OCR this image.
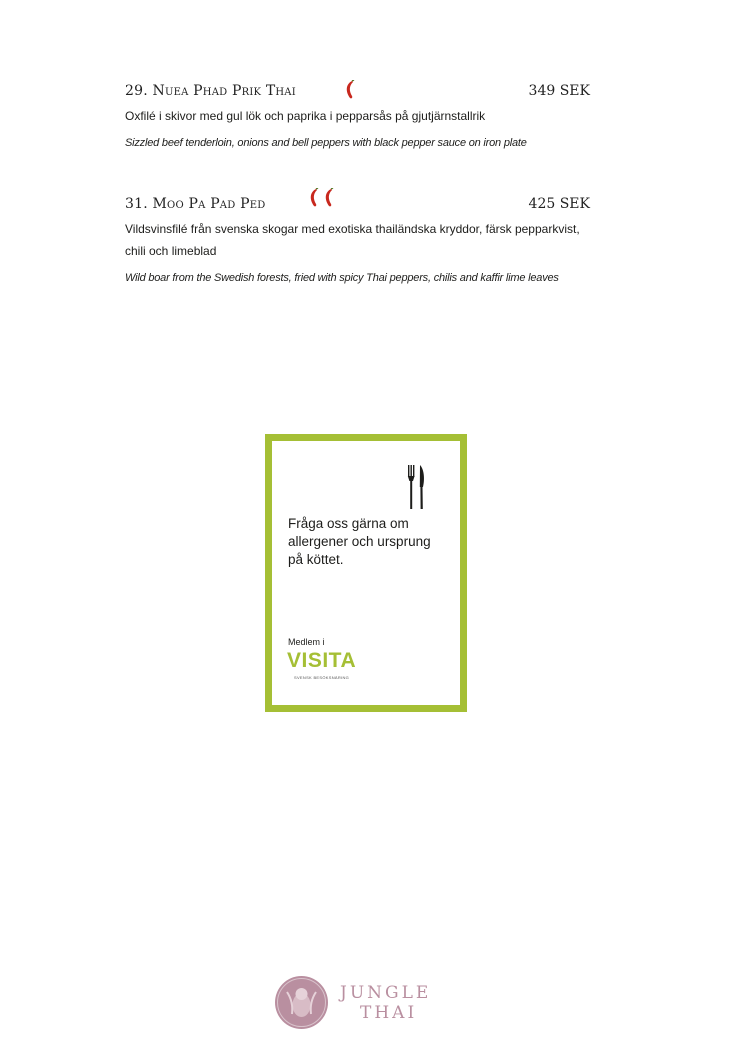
29. Nuea Phad Prik Thai	349 SEK

Oxfilé i skivor med gul lök och paprika i pepparsås på gjutjärnstallrik

Sizzled beef tenderloin, onions and bell peppers with black pepper sauce on iron plate

31. Moo Pa Pad Ped	425 SEK

Vildsvinsfilé från svenska skogar med exotiska thailändska kryddor, färsk pepparkvist, chili och limeblad

Wild boar from the Swedish forests, fried with spicy Thai peppers, chilis and kaffir lime leaves

Fråga oss gärna om allergener och ursprung på köttet.

Medlem i
VISITA
SVENSK BESÖKSNÄRING
JUNGLE
THAI
